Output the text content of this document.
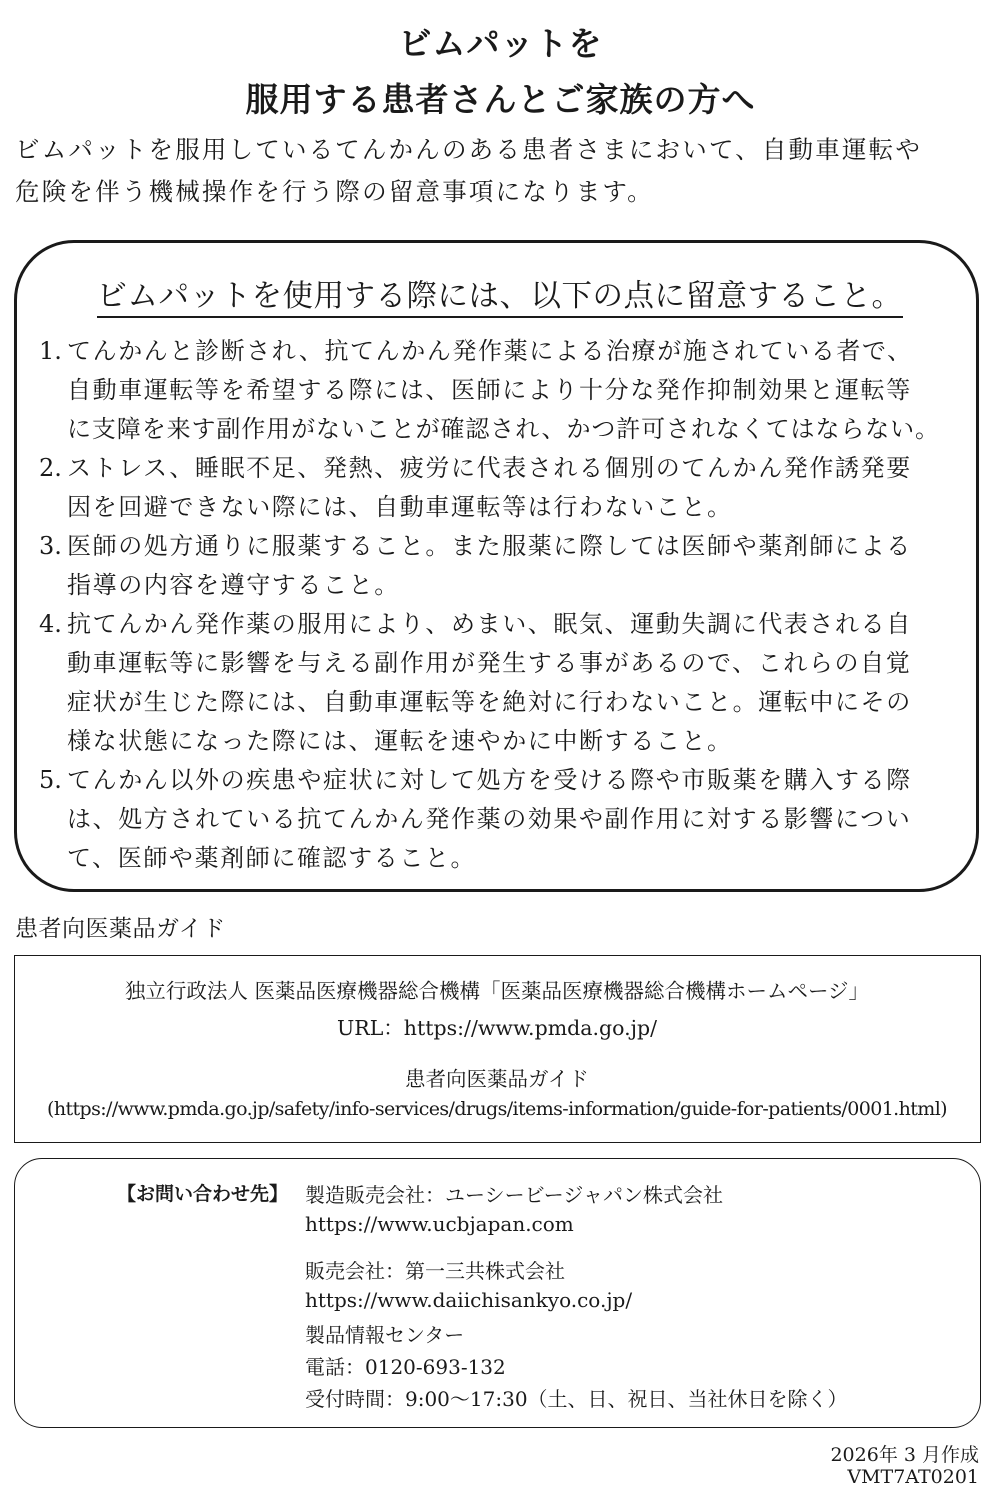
ビムパットを
服用する患者さんとご家族の方へ
ビムパットを服用しているてんかんのある患者さまにおいて、自動車運転や
危険を伴う機械操作を行う際の留意事項になります。
ビムパットを使用する際には、以下の点に留意すること。
1. てんかんと診断され、抗てんかん発作薬による治療が施されている者で、
自動車運転等を希望する際には、医師により十分な発作抑制効果と運転等
に支障を来す副作用がないことが確認され、かつ許可されなくてはならない。
2. ストレス、睡眠不足、発熱、疲労に代表される個別のてんかん発作誘発要
因を回避できない際には、自動車運転等は行わないこと。
3. 医師の処方通りに服薬すること。また服薬に際しては医師や薬剤師による
指導の内容を遵守すること。
4. 抗てんかん発作薬の服用により、めまい、眠気、運動失調に代表される自
動車運転等に影響を与える副作用が発生する事があるので、これらの自覚
症状が生じた際には、自動車運転等を絶対に行わないこと。運転中にその
様な状態になった際には、運転を速やかに中断すること。
5. てんかん以外の疾患や症状に対して処方を受ける際や市販薬を購入する際
は、処方されている抗てんかん発作薬の効果や副作用に対する影響につい
て、医師や薬剤師に確認すること。
患者向医薬品ガイド
独立行政法人 医薬品医療機器総合機構「医薬品医療機器総合機構ホームページ」
URL：https://www.pmda.go.jp/
患者向医薬品ガイド
(https://www.pmda.go.jp/safety/info-services/drugs/items-information/guide-for-patients/0001.html)
【お問い合わせ先】 製造販売会社：ユーシービージャパン株式会社
https://www.ucbjapan.com
販売会社：第一三共株式会社
https://www.daiichisankyo.co.jp/
製品情報センター
電話：0120-693-132
受付時間：9:00〜17:30（土、日、祝日、当社休日を除く）
2026年 3 月作成
VMT7AT0201
